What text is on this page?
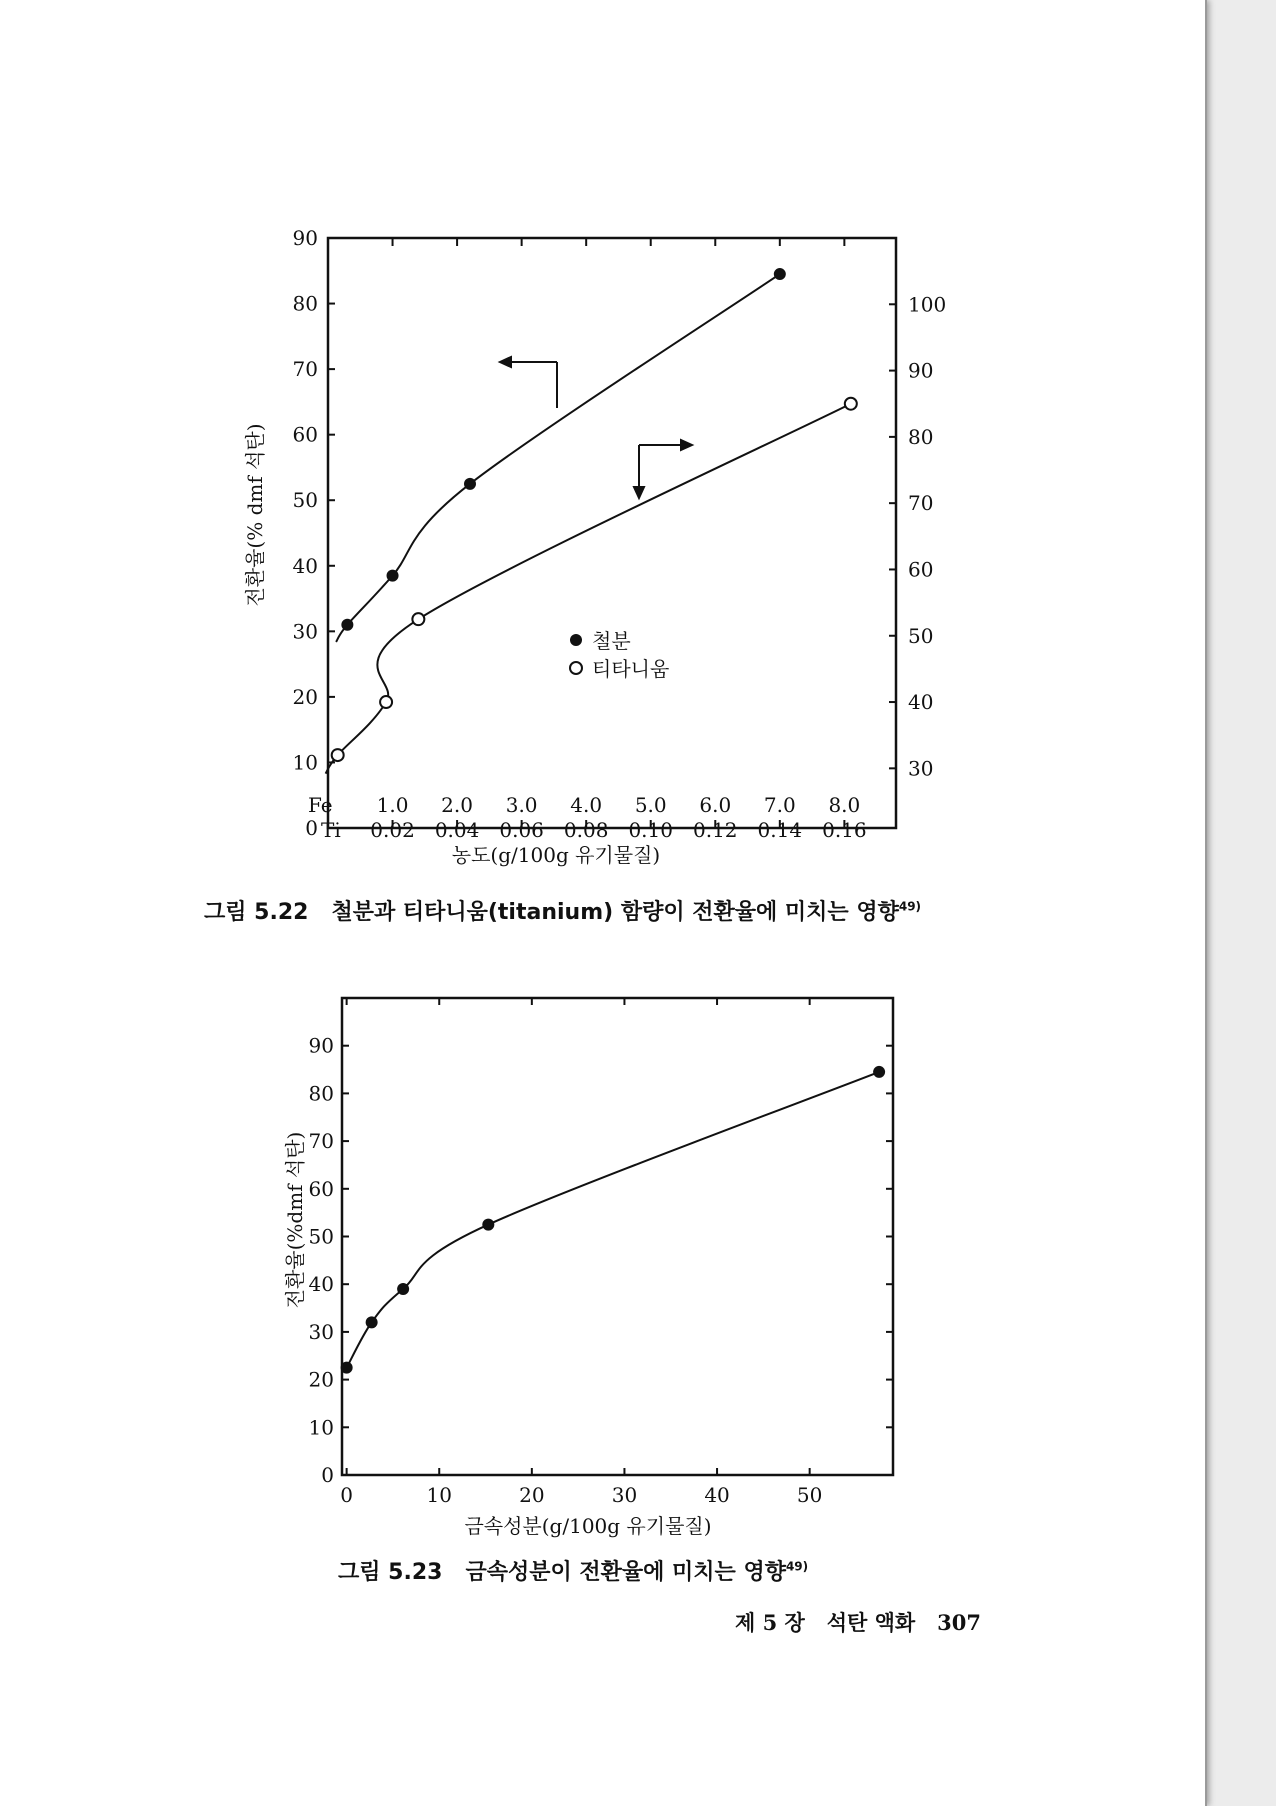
0
10
20
30
40
50
60
70
80
90
30
40
50
60
70
80
90
100
1.0
0.02
2.0
0.04
3.0
0.06
4.0
0.08
5.0
0.10
6.0
0.12
7.0
0.14
8.0
0.16
철분
티타니움
전환율(% dmf 석탄)
Fe
Ti
농도(g/100g 유기물질)
그림 5.22 철분과 티타니움(titanium) 함량이 전환율에 미치는 영향$^{49)}$
0
10
20
30
40
50
60
70
80
90
0	10	20	30	40	50
전환율(%dmf 석탄)
금속성분(g/100g 유기물질)
그림 5.23 금속성분이 전환율에 미치는 영향$^{49)}$
제 5 장 석탄 액화 307
